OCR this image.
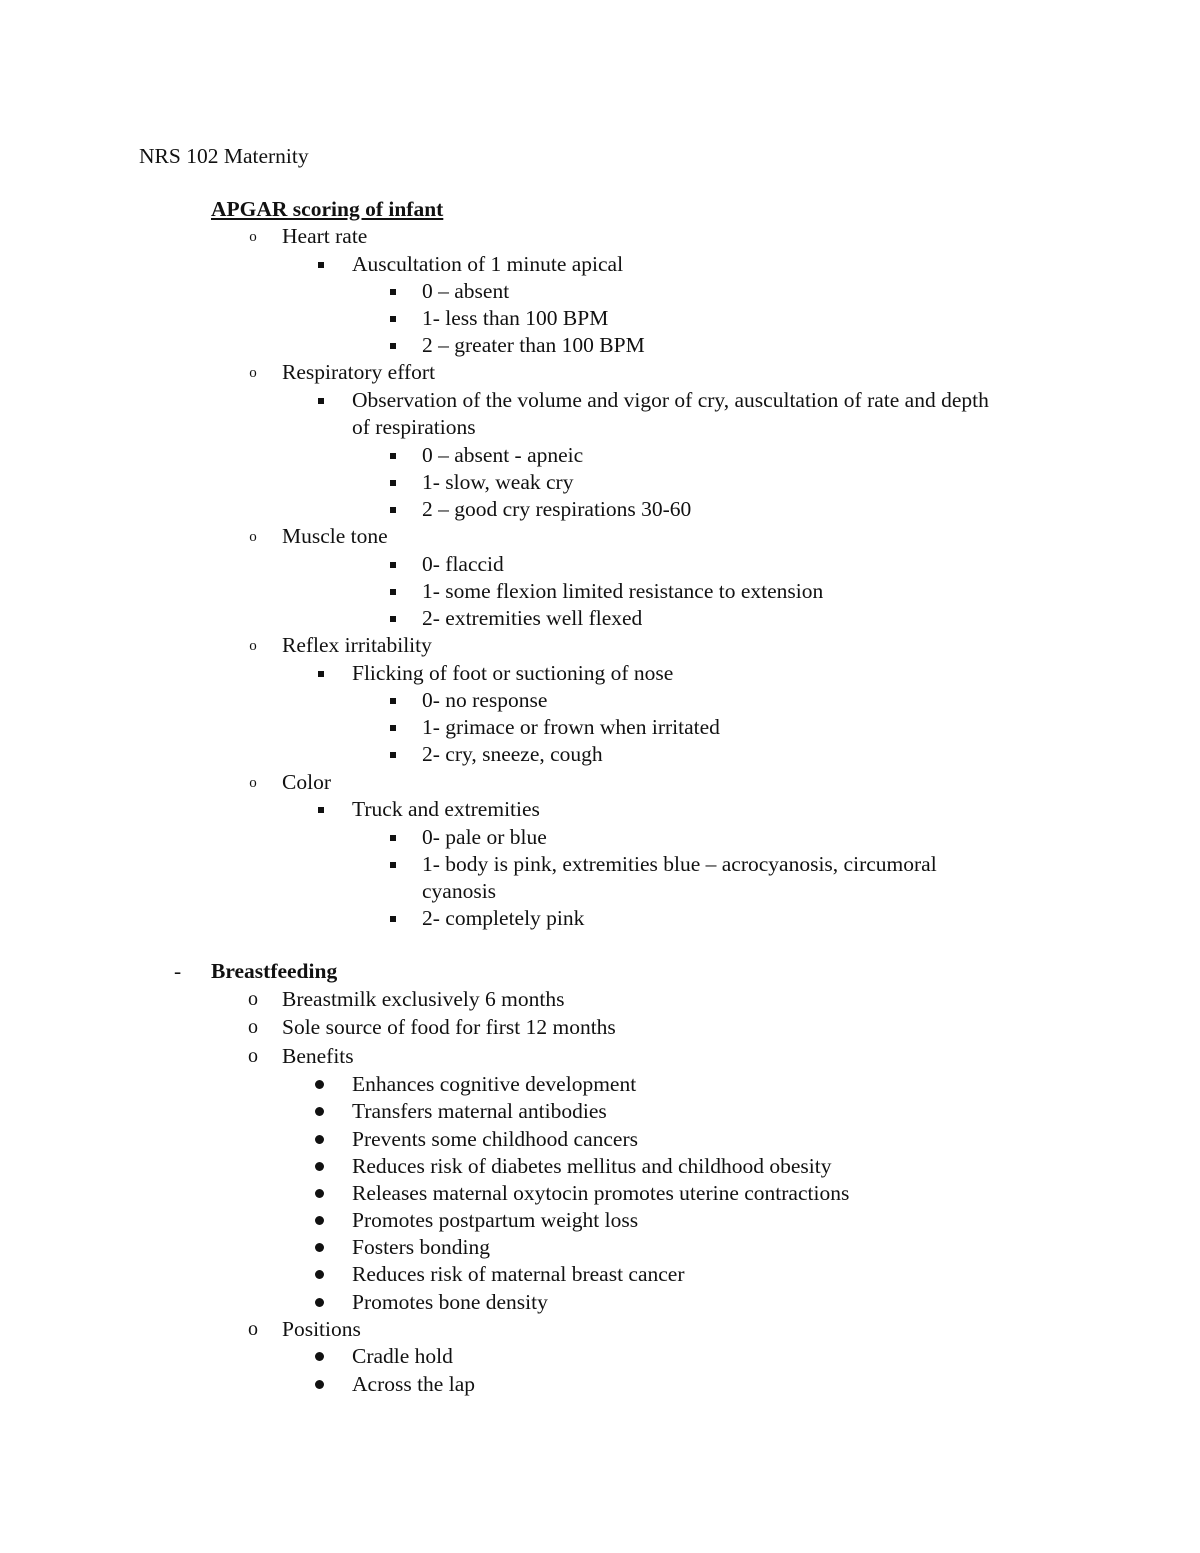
NRS 102 Maternity
APGAR scoring of infant
o Heart rate
Auscultation of 1 minute apical
0 – absent
1- less than 100 BPM
2 – greater than 100 BPM
o Respiratory effort
Observation of the volume and vigor of cry, auscultation of rate and depth
of respirations
0 – absent - apneic
1- slow, weak cry
2 – good cry respirations 30-60
o Muscle tone
0- flaccid
1- some flexion limited resistance to extension
2- extremities well flexed
o Reflex irritability
Flicking of foot or suctioning of nose
0- no response
1- grimace or frown when irritated
2- cry, sneeze, cough
o Color
Truck and extremities
0- pale or blue
1- body is pink, extremities blue – acrocyanosis, circumoral
cyanosis
2- completely pink
- Breastfeeding
o Breastmilk exclusively 6 months
o Sole source of food for first 12 months
o Benefits
Enhances cognitive development
Transfers maternal antibodies
Prevents some childhood cancers
Reduces risk of diabetes mellitus and childhood obesity
Releases maternal oxytocin promotes uterine contractions
Promotes postpartum weight loss
Fosters bonding
Reduces risk of maternal breast cancer
Promotes bone density
o Positions
Cradle hold
Across the lap
